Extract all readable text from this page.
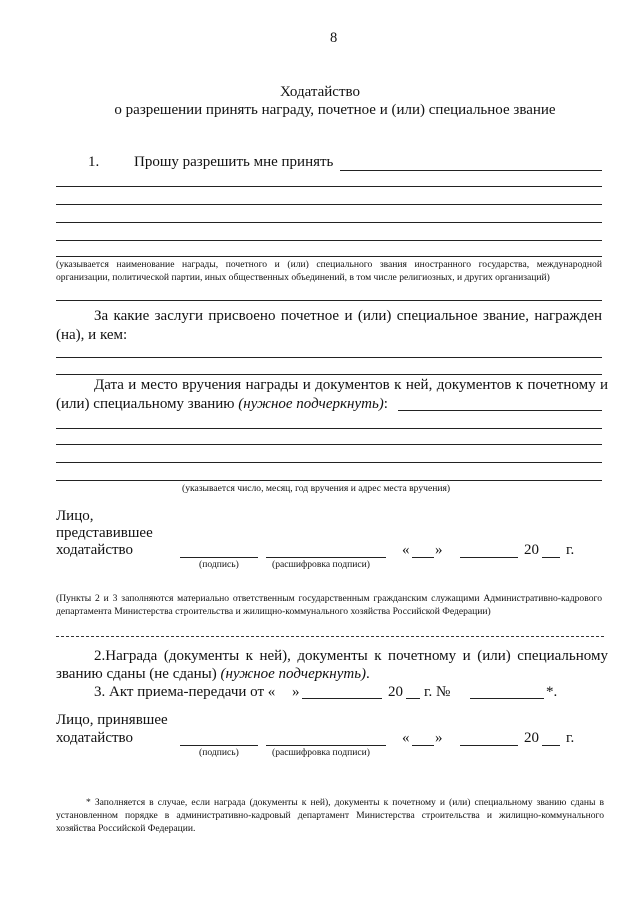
8
Ходатайство
о разрешении принять награду, почетное и (или) специальное звание
1. Прошу разрешить мне принять
(указывается наименование награды, почетного и (или) специального звания иностранного государства, международной организации, политической партии, иных общественных объединений, в том числе религиозных, и других организаций)
За какие заслуги присвоено почетное и (или) специальное звание, награжден
(на), и кем:
Дата и место вручения награды и документов к ней, документов к почетному и
(или) специальному званию (нужное подчеркнуть):
(указывается число, месяц, год вручения и адрес места вручения)
Лицо,
представившее
ходатайство	« »	20 г.
(подпись)	(расшифровка подписи)
(Пункты 2 и 3 заполняются материально ответственным государственным гражданским служащими Административно-кадрового департамента Министерства строительства и жилищно-коммунального хозяйства Российской Федерации)
2.Награда (документы к ней), документы к почетному и (или) специальному
званию сданы (не сданы) (нужное подчеркнуть).
3. Акт приема-передачи от « »	20 г. №	*.
Лицо, принявшее
ходатайство	« »	20 г.
(подпись)	(расшифровка подписи)
* Заполняется в случае, если награда (документы к ней), документы к почетному и (или) специальному званию сданы в установленном порядке в административно-кадровый департамент Министерства строительства и жилищно-коммунального хозяйства Российской Федерации.
